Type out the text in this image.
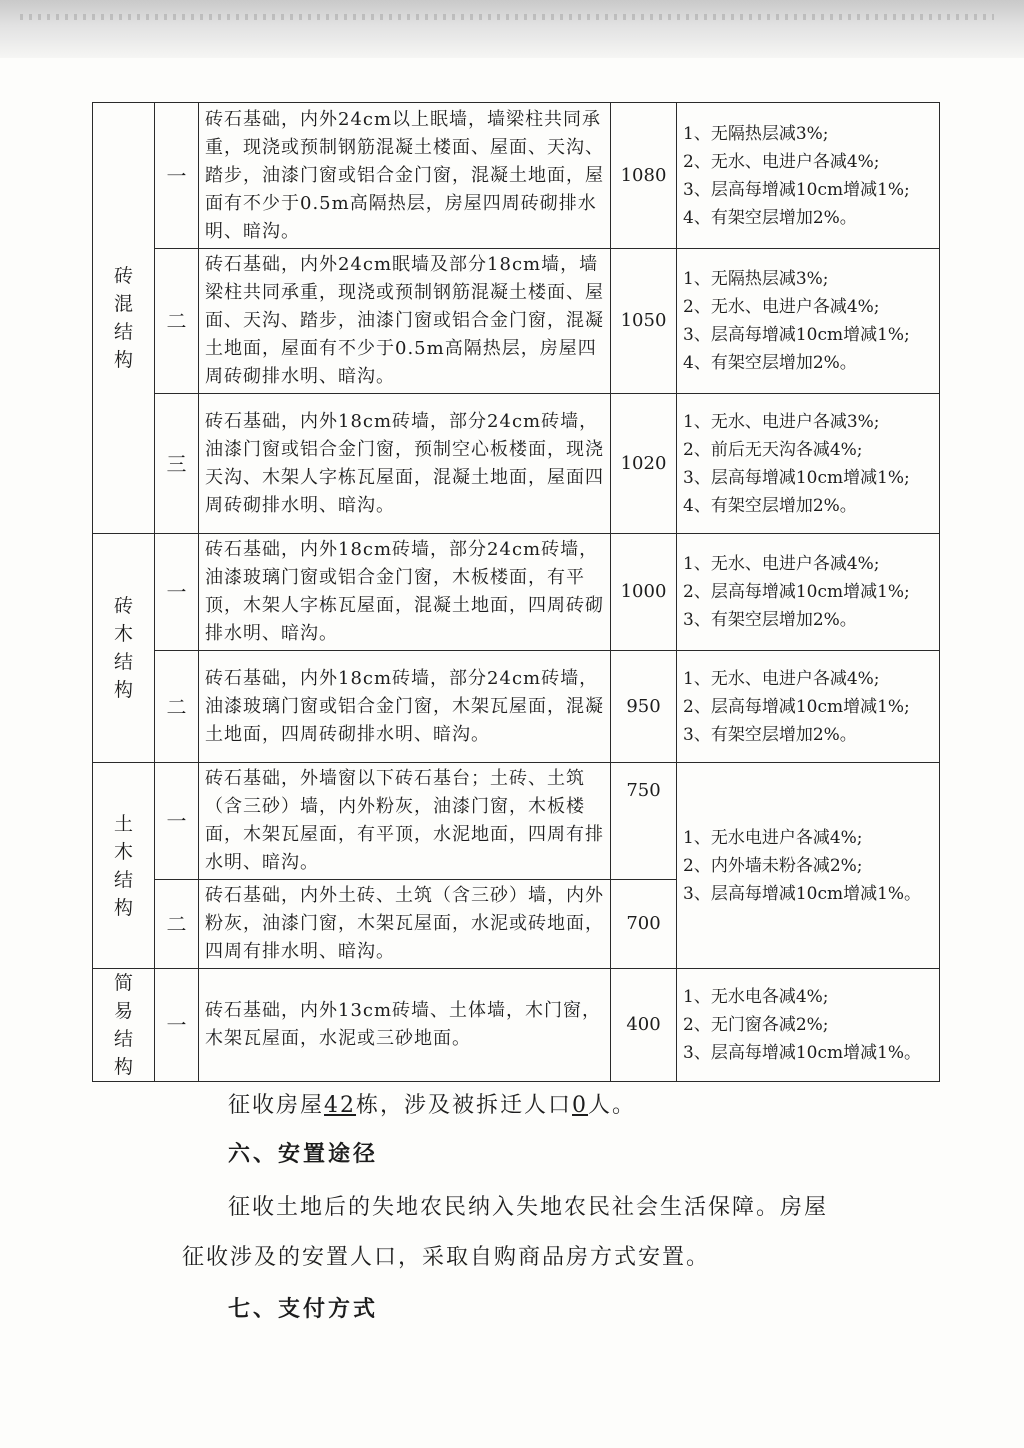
砖混结构	一	砖石基础，内外24cm以上眠墙，墙梁柱共同承重，现浇或预制钢筋混凝土楼面、屋面、天沟、踏步，油漆门窗或铝合金门窗，混凝土地面，屋面有不少于0.5m高隔热层，房屋四周砖砌排水明、暗沟。	1080	1、无隔热层减3%;
2、无水、电进户各减4%;
3、层高每增减10cm增减1%;
4、有架空层增加2%。

	二	砖石基础，内外24cm眠墙及部分18cm墙，墙梁柱共同承重，现浇或预制钢筋混凝土楼面、屋面、天沟、踏步，油漆门窗或铝合金门窗，混凝土地面，屋面有不少于0.5m高隔热层，房屋四周砖砌排水明、暗沟。	1050	1、无隔热层减3%;
2、无水、电进户各减4%;
3、层高每增减10cm增减1%;
4、有架空层增加2%。

	三	砖石基础，内外18cm砖墙，部分24cm砖墙，油漆门窗或铝合金门窗，预制空心板楼面，现浇天沟、木架人字栋瓦屋面，混凝土地面，屋面四周砖砌排水明、暗沟。	1020	1、无水、电进户各减3%;
2、前后无天沟各减4%;
3、层高每增减10cm增减1%;
4、有架空层增加2%。

砖木结构	一	砖石基础，内外18cm砖墙，部分24cm砖墙，油漆玻璃门窗或铝合金门窗，木板楼面，有平顶，木架人字栋瓦屋面，混凝土地面，四周砖砌排水明、暗沟。	1000	1、无水、电进户各减4%;
2、层高每增减10cm增减1%;
3、有架空层增加2%。

	二	砖石基础，内外18cm砖墙，部分24cm砖墙，油漆玻璃门窗或铝合金门窗，木架瓦屋面，混凝土地面，四周砖砌排水明、暗沟。	950	1、无水、电进户各减4%;
2、层高每增减10cm增减1%;
3、有架空层增加2%。

土木结构	一	砖石基础，外墙窗以下砖石基台；土砖、土筑（含三砂）墙，内外粉灰，油漆门窗，木板楼面，木架瓦屋面，有平顶，水泥地面，四周有排水明、暗沟。	750	1、无水电进户各减4%;
2、内外墙未粉各减2%;
3、层高每增减10cm增减1%。

	二	砖石基础，内外土砖、土筑（含三砂）墙，内外粉灰，油漆门窗，木架瓦屋面，水泥或砖地面，四周有排水明、暗沟。	700	
简易结构	一	砖石基础，内外13cm砖墙、土体墙，木门窗，木架瓦屋面，水泥或三砂地面。	400	1、无水电各减4%;
2、无门窗各减2%;
3、层高每增减10cm增减1%。
征收房屋42栋，涉及被拆迁人口0人。
六、安置途径
征收土地后的失地农民纳入失地农民社会生活保障。房屋
征收涉及的安置人口，采取自购商品房方式安置。
七、支付方式
